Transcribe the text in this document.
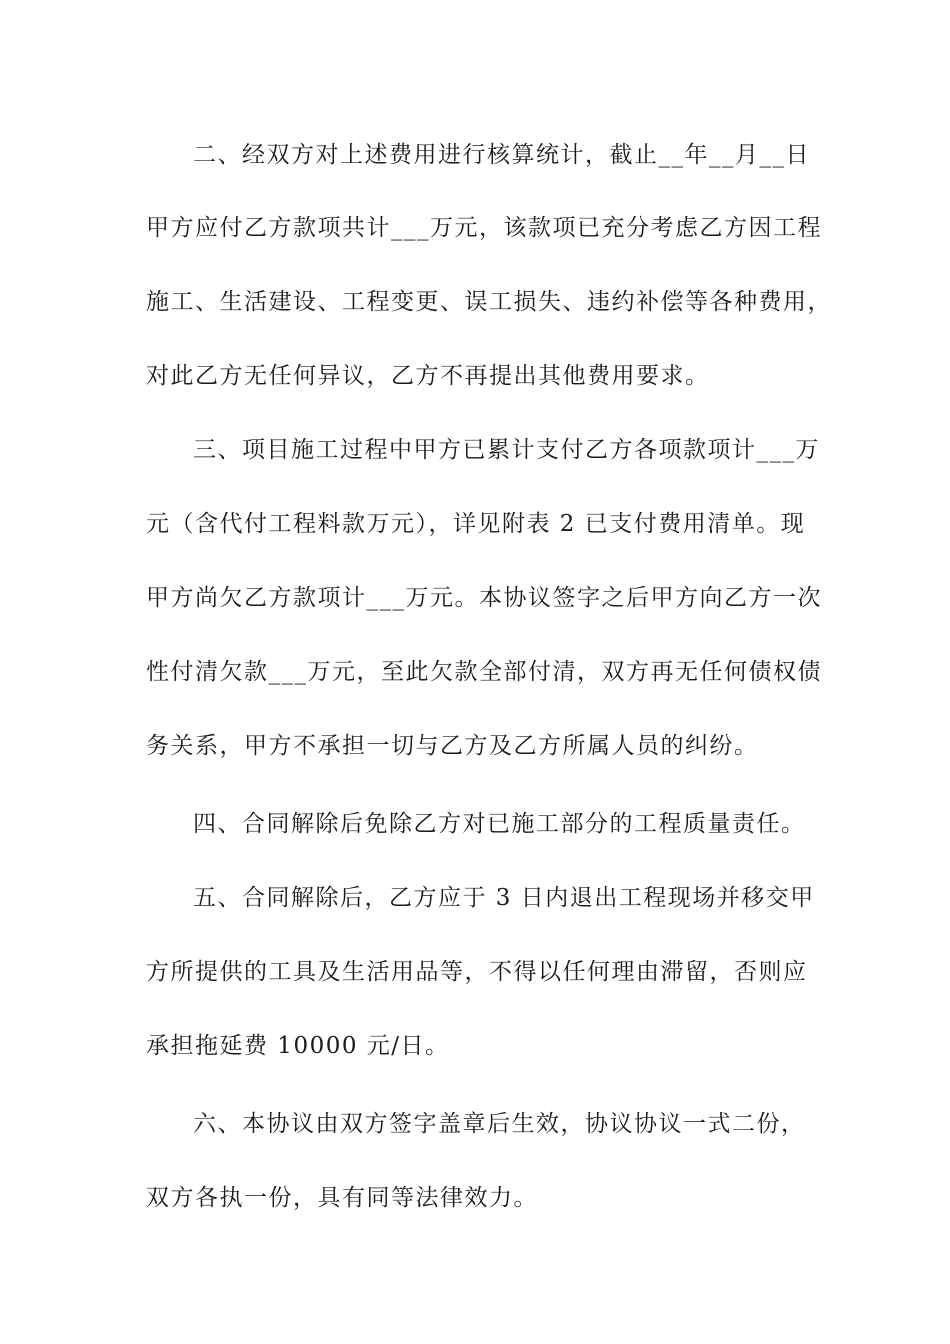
二、经双方对上述费用进行核算统计，截止__年__月__日
甲方应付乙方款项共计___万元，该款项已充分考虑乙方因工程
施工、生活建设、工程变更、误工损失、违约补偿等各种费用，
对此乙方无任何异议，乙方不再提出其他费用要求。
三、项目施工过程中甲方已累计支付乙方各项款项计___万
元（含代付工程料款万元），详见附表 2 已支付费用清单。现
甲方尚欠乙方款项计___万元。本协议签字之后甲方向乙方一次
性付清欠款___万元，至此欠款全部付清，双方再无任何债权债
务关系，甲方不承担一切与乙方及乙方所属人员的纠纷。
四、合同解除后免除乙方对已施工部分的工程质量责任。
五、合同解除后，乙方应于 3 日内退出工程现场并移交甲
方所提供的工具及生活用品等，不得以任何理由滞留，否则应
承担拖延费 10000 元/日。
六、本协议由双方签字盖章后生效，协议协议一式二份，
双方各执一份，具有同等法律效力。
